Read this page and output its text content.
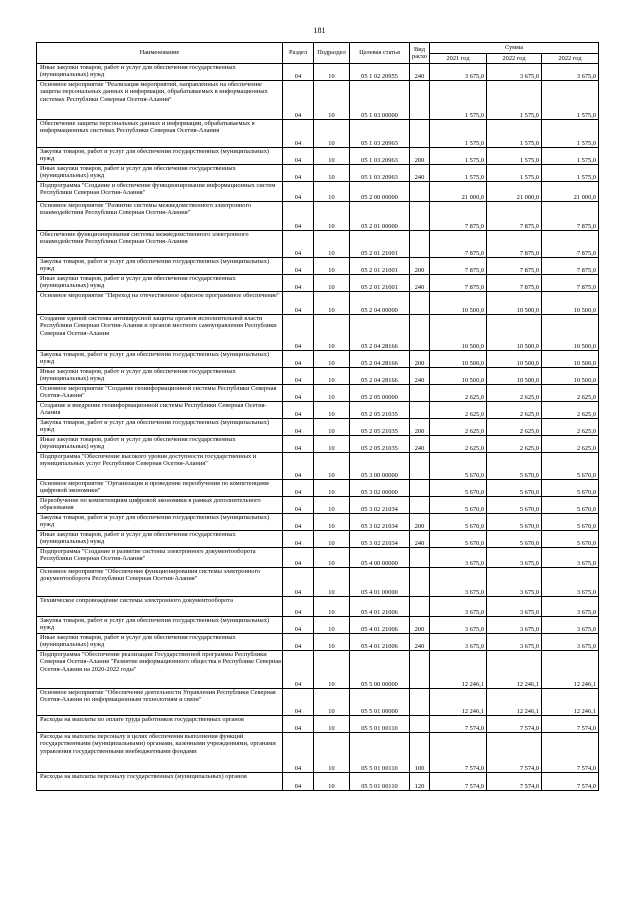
181
Наименование	Раздел	Подраздел	Целевая статья	Вид расхо	Сумма		
					2021 год	2022 год	2022 год
Иные закупки товаров, работ и услуг для обеспечения государственных (муниципальных) нужд	04	10	05 1 02 20955	240	3 675,0	3 675,0	3 675,0
Основное мероприятие "Реализация мероприятий, направленных на обеспечение защиты персональных данных и информации, обрабатываемых в информационных системах Республики Северная Осетия-Алания"	04	10	05 1 03 00000		1 575,0	1 575,0	1 575,0
Обеспечение защиты персональных данных и информации, обрабатываемых в информационных системах Республики Северная Осетия-Алания	04	10	05 1 03 20963		1 575,0	1 575,0	1 575,0
Закупка товаров, работ и услуг для обеспечения государственных (муниципальных) нужд	04	10	05 1 03 20963	200	1 575,0	1 575,0	1 575,0
Иные закупки товаров, работ и услуг для обеспечения государственных (муниципальных) нужд	04	10	05 1 03 20963	240	1 575,0	1 575,0	1 575,0
Подпрограмма "Создание и обеспечение функционирования информационных систем Республики Северная Осетия-Алания"	04	10	05 2 00 00000		21 000,0	21 000,0	21 000,0
Основное мероприятие "Развитие системы межведомственного электронного взаимодействия Республики Северная Осетия-Алания"	04	10	05 2 01 00000		7 875,0	7 875,0	7 875,0
Обеспечение функционирования системы межведомственного электронного взаимодействия Республики Северная Осетия-Алания	04	10	05 2 01 21001		7 875,0	7 875,0	7 875,0
Закупка товаров, работ и услуг для обеспечения государственных (муниципальных) нужд	04	10	05 2 01 21001	200	7 875,0	7 875,0	7 875,0
Иные закупки товаров, работ и услуг для обеспечения государственных (муниципальных) нужд	04	10	05 2 01 21001	240	7 875,0	7 875,0	7 875,0
Основное мероприятие "Переход на отечественное офисное программное обеспечение"	04	10	05 2 04 00000		10 500,0	10 500,0	10 500,0
Создание единой системы антивирусной защиты органов исполнительной власти Республики Северная Осетия-Алания и органов местного самоуправления Республики Северная Осетия-Алания	04	10	05 2 04 28166		10 500,0	10 500,0	10 500,0
Закупка товаров, работ и услуг для обеспечения государственных (муниципальных) нужд	04	10	05 2 04 28166	200	10 500,0	10 500,0	10 500,0
Иные закупки товаров, работ и услуг для обеспечения государственных (муниципальных) нужд	04	10	05 2 04 28166	240	10 500,0	10 500,0	10 500,0
Основное мероприятие "Создание геоинформационной системы Республики Северная Осетия-Алания"	04	10	05 2 05 00000		2 625,0	2 625,0	2 625,0
Создание и внедрение геоинформационной системы Республики Северная Осетия-Алания	04	10	05 2 05 21035		2 625,0	2 625,0	2 625,0
Закупка товаров, работ и услуг для обеспечения государственных (муниципальных) нужд	04	10	05 2 05 21035	200	2 625,0	2 625,0	2 625,0
Иные закупки товаров, работ и услуг для обеспечения государственных (муниципальных) нужд	04	10	05 2 05 21035	240	2 625,0	2 625,0	2 625,0
Подпрограмма "Обеспечение высокого уровня доступности государственных и муниципальных услуг Республики Северная Осетия-Алания"	04	10	05 3 00 00000		5 670,0	5 670,0	5 670,0
Основное мероприятие "Организация и проведение переобучения по компетенциям цифровой экономики"	04	10	05 3 02 00000		5 670,0	5 670,0	5 670,0
Переобучение по компетенциям цифровой экономики в рамках дополнительного образования	04	10	05 3 02 21034		5 670,0	5 670,0	5 670,0
Закупка товаров, работ и услуг для обеспечения государственных (муниципальных) нужд	04	10	05 3 02 21034	200	5 670,0	5 670,0	5 670,0
Иные закупки товаров, работ и услуг для обеспечения государственных (муниципальных) нужд	04	10	05 3 02 21034	240	5 670,0	5 670,0	5 670,0
Подпрограмма "Создание и развитие системы электронного документооборота Республики Северная Осетия-Алания"	04	10	05 4 00 00000		3 675,0	3 675,0	3 675,0
Основное мероприятие "Обеспечение функционирования системы электронного документооборота Республики Северная Осетия-Алания"	04	10	05 4 01 00000		3 675,0	3 675,0	3 675,0
Техническое сопровождение системы электронного документооборота	04	10	05 4 01 21006		3 675,0	3 675,0	3 675,0
Закупка товаров, работ и услуг для обеспечения государственных (муниципальных) нужд	04	10	05 4 01 21006	200	3 675,0	3 675,0	3 675,0
Иные закупки товаров, работ и услуг для обеспечения государственных (муниципальных) нужд	04	10	05 4 01 21006	240	3 675,0	3 675,0	3 675,0
Подпрограмма "Обеспечение реализации Государственной программы Республики Северная Осетия-Алания "Развитие информационного общества в Республике Северная Осетия-Алания на 2020-2022 годы"	04	10	05 5 00 00000		12 246,1	12 246,1	12 246,1
Основное мероприятие "Обеспечение деятельности Управления Республики Северная Осетия-Алания по информационным технологиям и связи"	04	10	05 5 01 00000		12 246,1	12 246,1	12 246,1
Расходы на выплаты по оплате труда работников государственных органов	04	10	05 5 01 00110		7 574,0	7 574,0	7 574,0
Расходы на выплаты персоналу в целях обеспечения выполнения функций государственными (муниципальными) органами, казенными учреждениями, органами управления государственными внебюджетными фондами	04	10	05 5 01 00110	100	7 574,0	7 574,0	7 574,0
Расходы на выплаты персоналу государственных (муниципальных) органов	04	10	05 5 01 00110	120	7 574,0	7 574,0	7 574,0
